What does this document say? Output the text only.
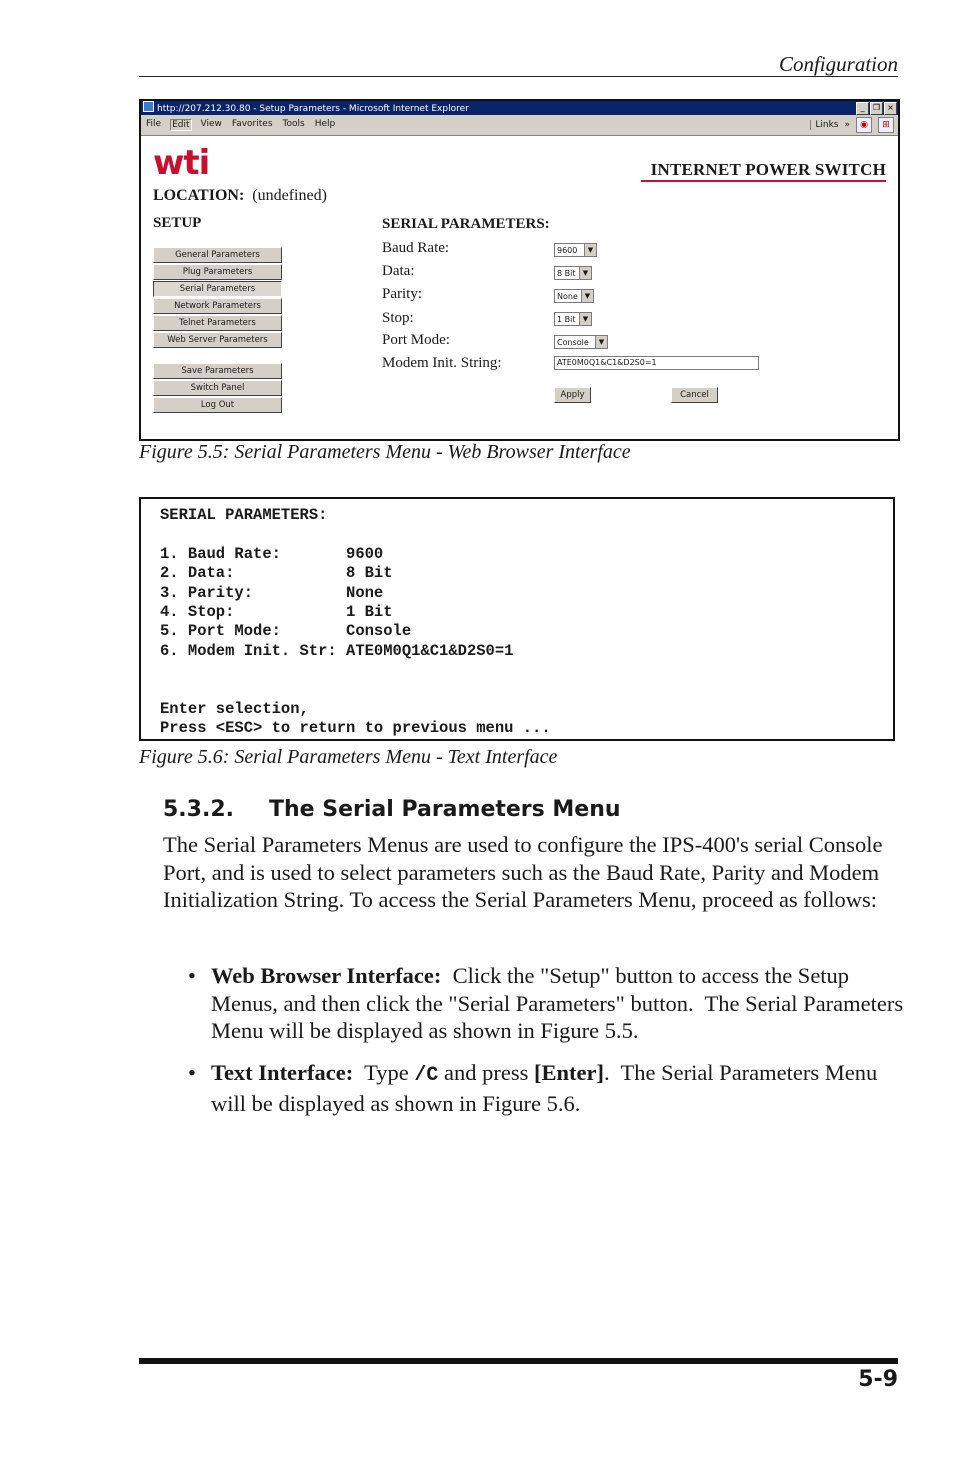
Configuration
http://207.212.30.80 - Setup Parameters - Microsoft Internet Explorer	_	❐ ×
File Edit View Favorites Tools Help	Links »	◉	⊞
wti	INTERNET POWER SWITCH
LOCATION: (undefined)
SETUP
General Parameters
Plug Parameters
Serial Parameters
Network Parameters
Telnet Parameters
Web Server Parameters
Save Parameters
Switch Panel
Log Out
SERIAL PARAMETERS:
Baud Rate:	9600	▼
Data:	8 Bit	▼
Parity:	None ▼
Stop:	1 Bit	▼
Port Mode:	Console	▼
Modem Init. String:	ATE0M0Q1&C1&D2S0=1
Apply	Cancel
Figure 5.5: Serial Parameters Menu - Web Browser Interface
SERIAL PARAMETERS:

1. Baud Rate:       9600
2. Data:            8 Bit
3. Parity:          None
4. Stop:            1 Bit
5. Port Mode:       Console
6. Modem Init. Str: ATE0M0Q1&C1&D2S0=1

Enter selection,
Press <ESC> to return to previous menu ...
Figure 5.6: Serial Parameters Menu - Text Interface
5.3.2. The Serial Parameters Menu
The Serial Parameters Menus are used to configure the IPS-400's serial Console Port, and is used to select parameters such as the Baud Rate, Parity and Modem Initialization String. To access the Serial Parameters Menu, proceed as follows:
• Web Browser Interface:  Click the "Setup" button to access the Setup Menus, and then click the "Serial Parameters" button.  The Serial Parameters Menu will be displayed as shown in Figure 5.5.
• Text Interface:  Type /C and press [Enter].  The Serial Parameters Menu will be displayed as shown in Figure 5.6.
5-9
